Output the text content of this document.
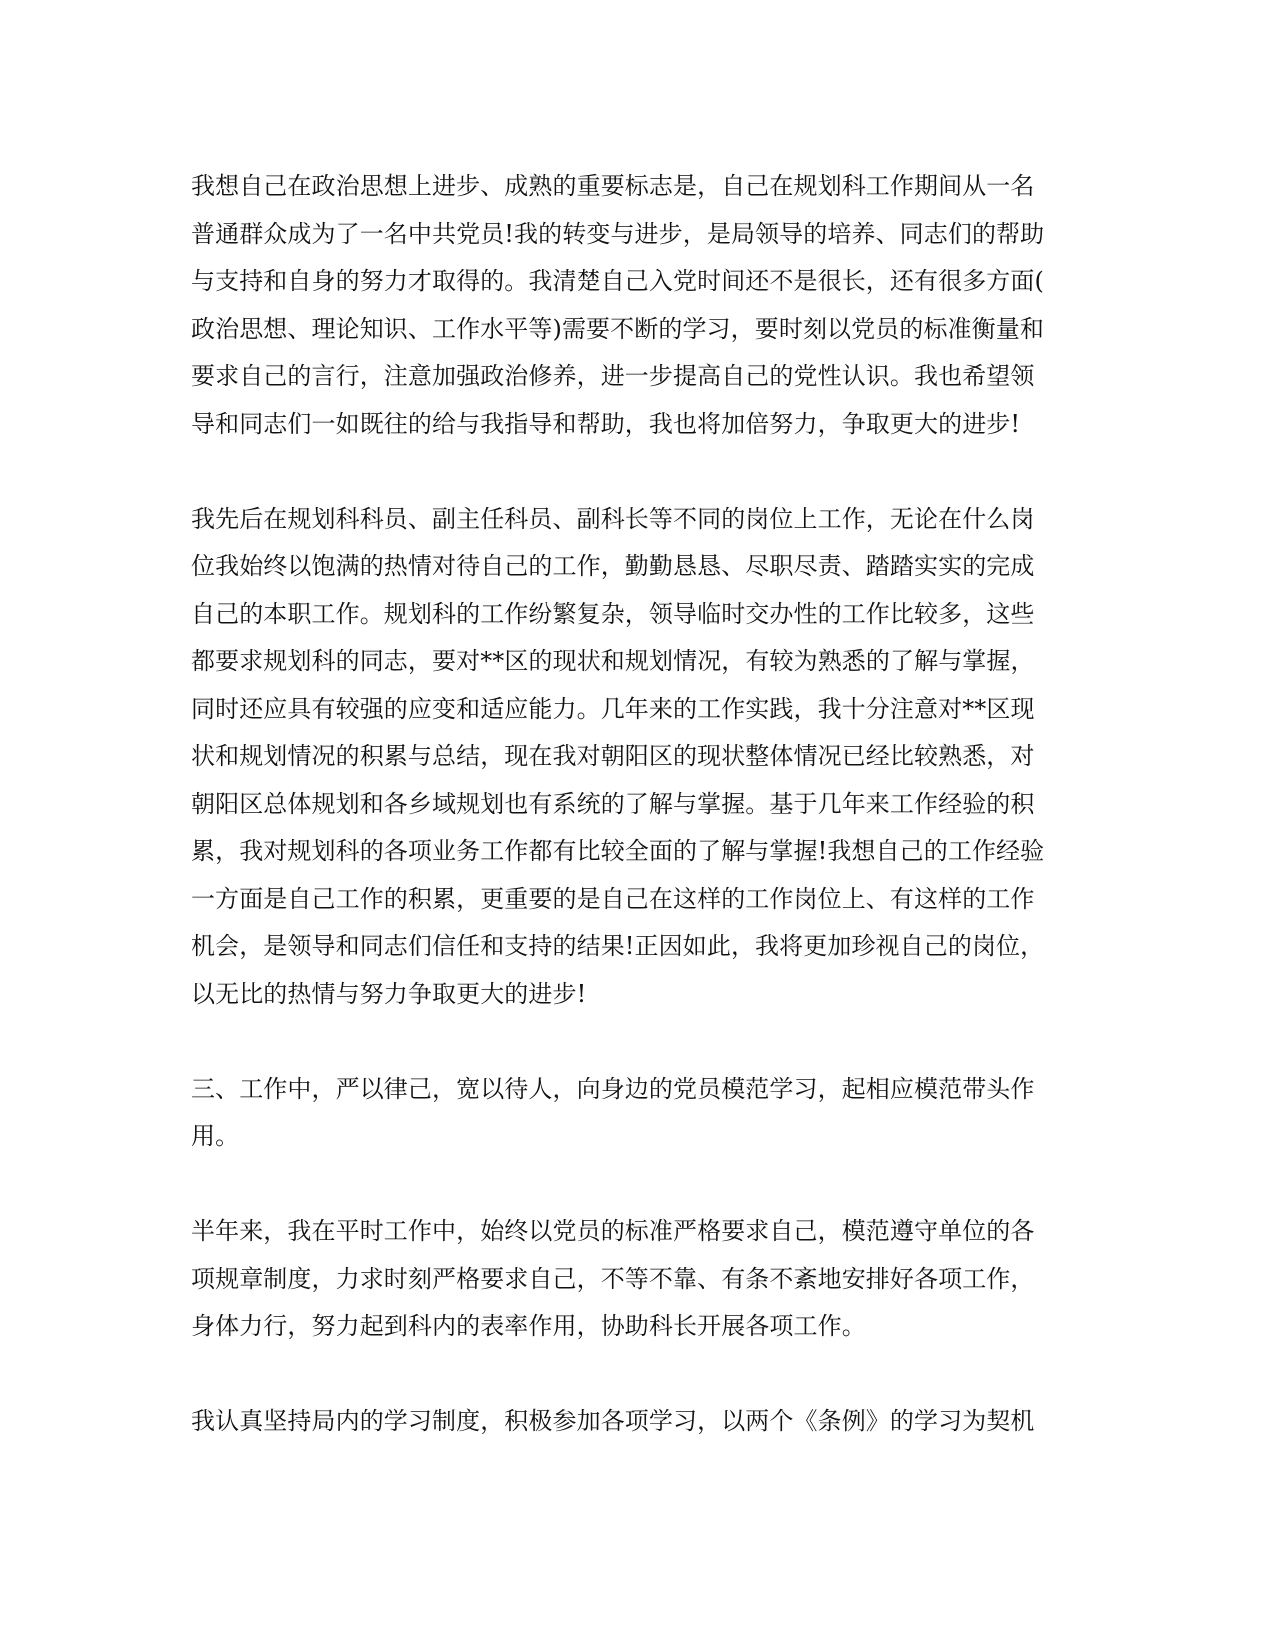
我想自己在政治思想上进步、成熟的重要标志是，自己在规划科工作期间从一名
普通群众成为了一名中共党员!我的转变与进步，是局领导的培养、同志们的帮助
与支持和自身的努力才取得的。我清楚自己入党时间还不是很长，还有很多方面(
政治思想、理论知识、工作水平等)需要不断的学习，要时刻以党员的标准衡量和
要求自己的言行，注意加强政治修养，进一步提高自己的党性认识。我也希望领
导和同志们一如既往的给与我指导和帮助，我也将加倍努力，争取更大的进步!
我先后在规划科科员、副主任科员、副科长等不同的岗位上工作，无论在什么岗
位我始终以饱满的热情对待自己的工作，勤勤恳恳、尽职尽责、踏踏实实的完成
自己的本职工作。规划科的工作纷繁复杂，领导临时交办性的工作比较多，这些
都要求规划科的同志，要对**区的现状和规划情况，有较为熟悉的了解与掌握，
同时还应具有较强的应变和适应能力。几年来的工作实践，我十分注意对**区现
状和规划情况的积累与总结，现在我对朝阳区的现状整体情况已经比较熟悉，对
朝阳区总体规划和各乡域规划也有系统的了解与掌握。基于几年来工作经验的积
累，我对规划科的各项业务工作都有比较全面的了解与掌握!我想自己的工作经验
一方面是自己工作的积累，更重要的是自己在这样的工作岗位上、有这样的工作
机会，是领导和同志们信任和支持的结果!正因如此，我将更加珍视自己的岗位，
以无比的热情与努力争取更大的进步!
三、工作中，严以律己，宽以待人，向身边的党员模范学习，起相应模范带头作
用。
半年来，我在平时工作中，始终以党员的标准严格要求自己，模范遵守单位的各
项规章制度，力求时刻严格要求自己，不等不靠、有条不紊地安排好各项工作，
身体力行，努力起到科内的表率作用，协助科长开展各项工作。
我认真坚持局内的学习制度，积极参加各项学习，以两个《条例》的学习为契机
